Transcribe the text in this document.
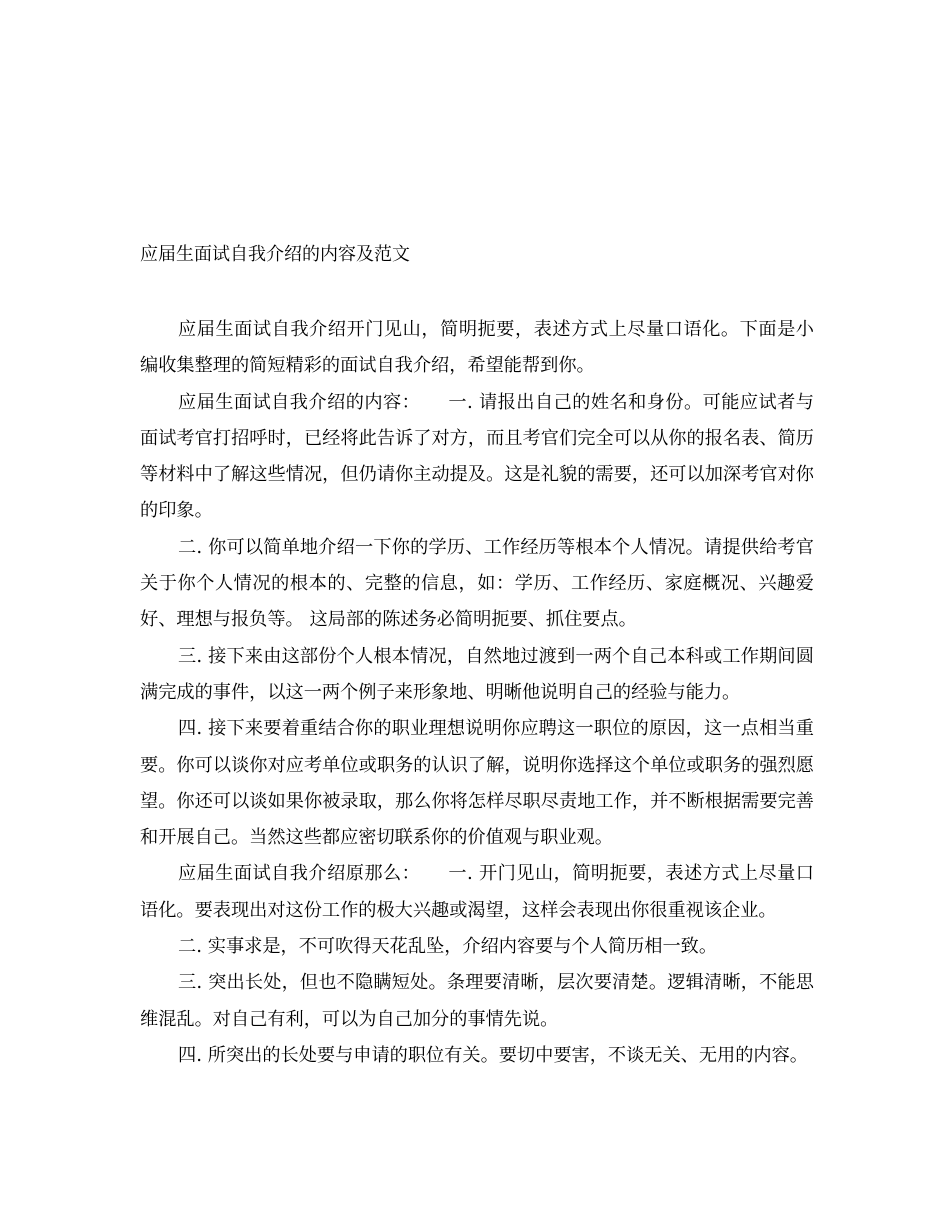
应届生面试自我介绍的内容及范文

应届生面试自我介绍开门见山，简明扼要，表述方式上尽量口语化。下面是小编收集整理的简短精彩的面试自我介绍，希望能帮到你。

应届生面试自我介绍的内容：　　一. 请报出自己的姓名和身份。可能应试者与面试考官打招呼时，已经将此告诉了对方，而且考官们完全可以从你的报名表、简历等材料中了解这些情况，但仍请你主动提及。这是礼貌的需要，还可以加深考官对你的印象。

二. 你可以简单地介绍一下你的学历、工作经历等根本个人情况。请提供给考官关于你个人情况的根本的、完整的信息，如：学历、工作经历、家庭概况、兴趣爱好、理想与报负等。 这局部的陈述务必简明扼要、抓住要点。

三. 接下来由这部份个人根本情况，自然地过渡到一两个自己本科或工作期间圆满完成的事件，以这一两个例子来形象地、明晰他说明自己的经验与能力。

四. 接下来要着重结合你的职业理想说明你应聘这一职位的原因，这一点相当重要。你可以谈你对应考单位或职务的认识了解，说明你选择这个单位或职务的强烈愿望。你还可以谈如果你被录取，那么你将怎样尽职尽责地工作，并不断根据需要完善和开展自己。当然这些都应密切联系你的价值观与职业观。

应届生面试自我介绍原那么：　　一. 开门见山，简明扼要，表述方式上尽量口语化。要表现出对这份工作的极大兴趣或渴望，这样会表现出你很重视该企业。

二. 实事求是，不可吹得天花乱坠，介绍内容要与个人简历相一致。

三. 突出长处，但也不隐瞒短处。条理要清晰，层次要清楚。逻辑清晰，不能思维混乱。对自己有利，可以为自己加分的事情先说。

四. 所突出的长处要与申请的职位有关。要切中要害，不谈无关、无用的内容。
